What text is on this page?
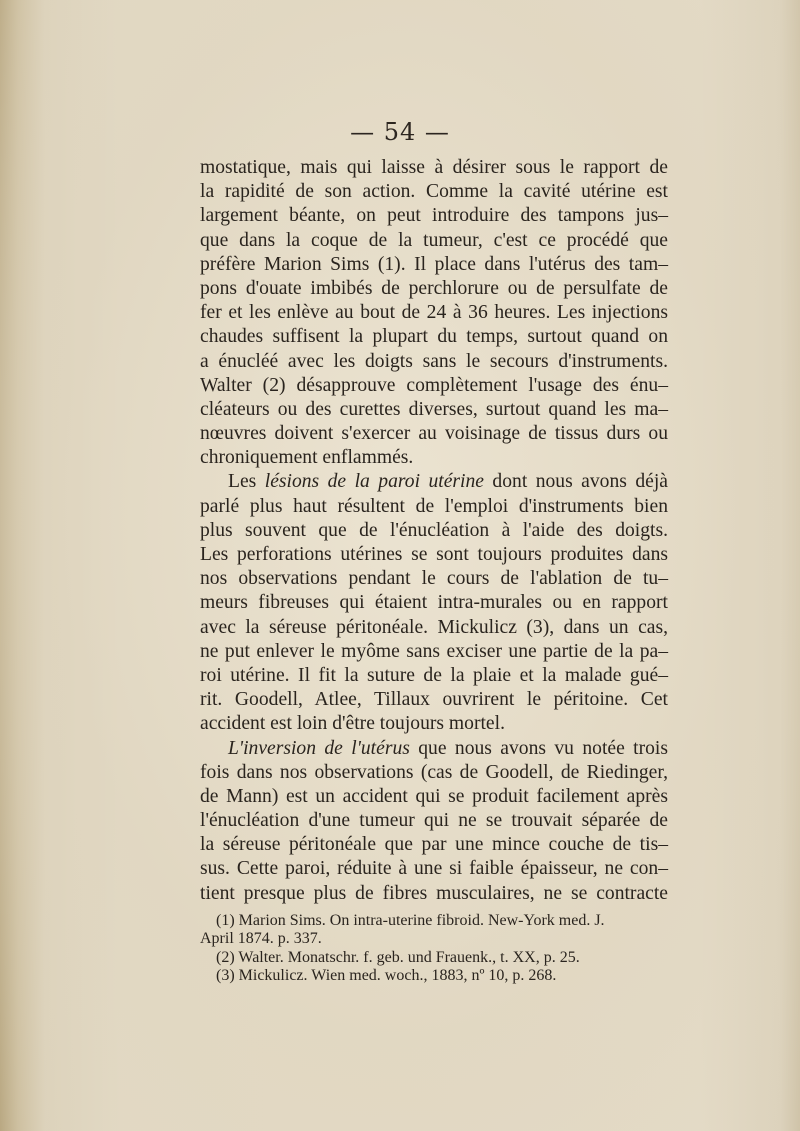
— 54 —
mostatique, mais qui laisse à désirer sous le rapport de
la rapidité de son action. Comme la cavité utérine est
largement béante, on peut introduire des tampons jus–
que dans la coque de la tumeur, c'est ce procédé que
préfère Marion Sims (1). Il place dans l'utérus des tam–
pons d'ouate imbibés de perchlorure ou de persulfate de
fer et les enlève au bout de 24 à 36 heures. Les injections
chaudes suffisent la plupart du temps, surtout quand on
a énucléé avec les doigts sans le secours d'instruments.
Walter (2) désapprouve complètement l'usage des énu–
cléateurs ou des curettes diverses, surtout quand les ma–
nœuvres doivent s'exercer au voisinage de tissus durs ou
chroniquement enflammés.
Les lésions de la paroi utérine dont nous avons déjà
parlé plus haut résultent de l'emploi d'instruments bien
plus souvent que de l'énucléation à l'aide des doigts.
Les perforations utérines se sont toujours produites dans
nos observations pendant le cours de l'ablation de tu–
meurs fibreuses qui étaient intra-murales ou en rapport
avec la séreuse péritonéale. Mickulicz (3), dans un cas,
ne put enlever le myôme sans exciser une partie de la pa–
roi utérine. Il fit la suture de la plaie et la malade gué–
rit. Goodell, Atlee, Tillaux ouvrirent le péritoine. Cet
accident est loin d'être toujours mortel.
L'inversion de l'utérus que nous avons vu notée trois
fois dans nos observations (cas de Goodell, de Riedinger,
de Mann) est un accident qui se produit facilement après
l'énucléation d'une tumeur qui ne se trouvait séparée de
la séreuse péritonéale que par une mince couche de tis–
sus. Cette paroi, réduite à une si faible épaisseur, ne con–
tient presque plus de fibres musculaires, ne se contracte
(1) Marion Sims. On intra-uterine fibroid. New-York med. J.
April 1874. p. 337.
(2) Walter. Monatschr. f. geb. und Frauenk., t. XX, p. 25.
(3) Mickulicz. Wien med. woch., 1883, nº 10, p. 268.
